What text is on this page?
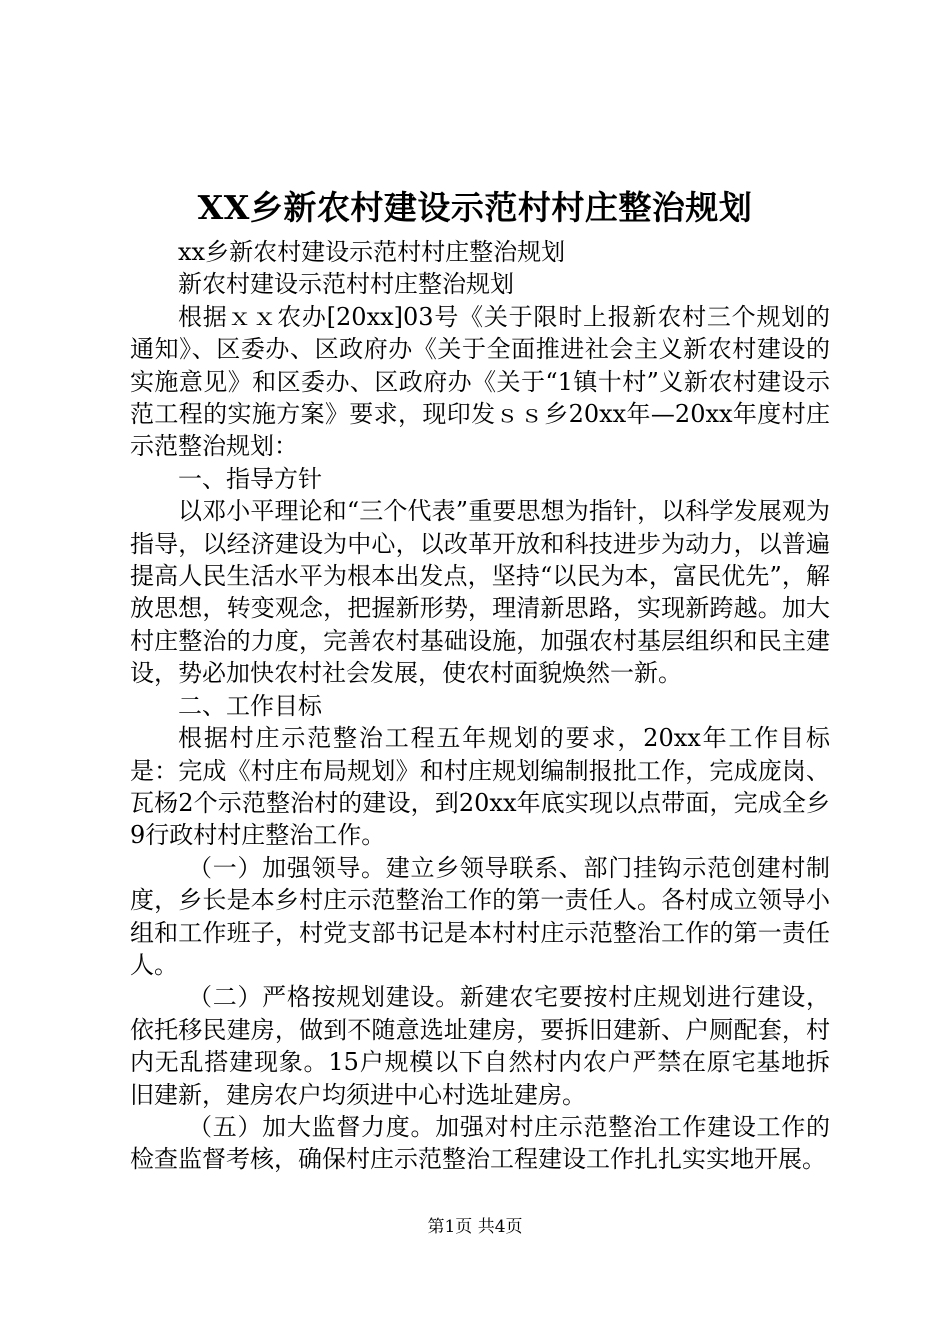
XX乡新农村建设示范村村庄整治规划

xx乡新农村建设示范村村庄整治规划

新农村建设示范村村庄整治规划

根据ｘｘ农办[20xx]03号《关于限时上报新农村三个规划的通知》、区委办、区政府办《关于全面推进社会主义新农村建设的实施意见》和区委办、区政府办《关于“1镇十村”义新农村建设示范工程的实施方案》要求，现印发ｓｓ乡20xx年—20xx年度村庄示范整治规划：

一、指导方针

以邓小平理论和“三个代表”重要思想为指针，以科学发展观为指导，以经济建设为中心，以改革开放和科技进步为动力，以普遍提高人民生活水平为根本出发点，坚持“以民为本，富民优先”，解放思想，转变观念，把握新形势，理清新思路，实现新跨越。加大村庄整治的力度，完善农村基础设施，加强农村基层组织和民主建设，势必加快农村社会发展，使农村面貌焕然一新。

二、工作目标

根据村庄示范整治工程五年规划的要求，20xx年工作目标是：完成《村庄布局规划》和村庄规划编制报批工作，完成庞岗、瓦杨2个示范整治村的建设，到20xx年底实现以点带面，完成全乡9行政村村庄整治工作。

（一）加强领导。建立乡领导联系、部门挂钩示范创建村制度，乡长是本乡村庄示范整治工作的第一责任人。各村成立领导小组和工作班子，村党支部书记是本村村庄示范整治工作的第一责任人。

（二）严格按规划建设。新建农宅要按村庄规划进行建设，依托移民建房，做到不随意选址建房，要拆旧建新、户厕配套，村内无乱搭建现象。15户规模以下自然村内农户严禁在原宅基地拆旧建新，建房农户均须进中心村选址建房。

（五）加大监督力度。加强对村庄示范整治工作建设工作的检查监督考核，确保村庄示范整治工程建设工作扎扎实实地开展。

第1页 共4页
